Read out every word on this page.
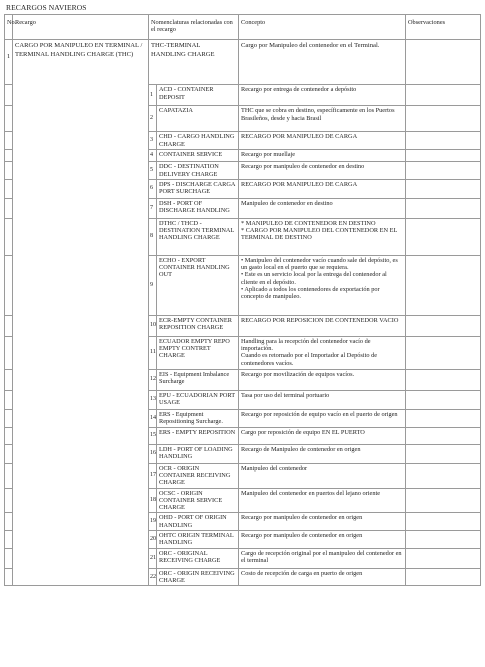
RECARGOS NAVIEROS
No.	Recargo	Nomenclaturas relacionadas con el recargo		Concepto	Observaciones
1	CARGO POR MANIPULEO EN TERMINAL / TERMINAL HANDLING CHARGE (THC)	THC-TERMINAL HANDLING CHARGE		Cargo por Manipuleo del contenedor en el Terminal.	
		1	ACD - CONTAINER DEPOSIT	Recargo por entrega de contenedor a depósito	
		2	CAPATAZIA	THC que se cobra en destino, específicamente en los Puertos Brasileños, desde y hacia Brasil	
		3	CHD - CARGO HANDLING CHARGE	RECARGO POR MANIPULEO DE CARGA	
		4	CONTAINER SERVICE	Recargo por muellaje	
		5	DDC - DESTINATION DELIVERY CHARGE	Recargo por manipuleo de contenedor en destino	
		6	DPS - DISCHARGE CARGA PORT SURCHAGE	RECARGO POR MANIPULEO DE CARGA	
		7	DSH - PORT OF DISCHARGE HANDLING	Manipuleo de contenedor en destino	
		8	DTHC / THCD - DESTINATION TERMINAL HANDLING CHARGE	* MANIPULEO DE CONTENEDOR EN DESTINO
* CARGO POR MANIPULEO DEL CONTENEDOR EN EL TERMINAL DE DESTINO	
		9	ECHO - EXPORT CONTAINER HANDLING OUT	• Manipuleo del contenedor vacío cuando sale del depósito, es un gasto local en el puerto que se requiera.
• Este es un servicio local por la entrega del contenedor al cliente en el depósito.
• Aplicado a todos los contenedores de exportación por concepto de manipuleo.	
		10	ECR-EMPTY CONTAINER REPOSITION CHARGE	RECARGO POR REPOSICION DE CONTENEDOR VACIO	
		11	ECUADOR EMPTY REPO EMPTY CONTRET CHARGE	Handling para la recepción del contenedor vacío de importación.
Cuando es retornado por el Importador al Depósito de contenedores vacíos.	
		12	EIS - Equipment Imbalance Surcharge	Recargo por movilización de equipos vacíos.	
		13	EPU - ECUADORIAN PORT USAGE	Tasa por uso del terminal portuario	
		14	ERS - Equipment Repositioning Surcharge.	Recargo por reposición de equipo vacío en el puerto de origen	
		15	ERS - EMPTY REPOSITION	Cargo por reposición de equipo EN EL PUERTO	
		16	LDH - PORT OF LOADING HANDLING	Recargo de Manipuleo de contenedor en origen	
		17	OCR - ORIGIN CONTAINER RECEIVING CHARGE	Manipuleo del contenedor	
		18	OCSC - ORIGIN CONTAINER SERVICE CHARGE	Manipuleo del contenedor en puertos del lejano oriente	
		19	OHD - PORT OF ORIGIN HANDLING	Recargo por manipuleo de contenedor en origen	
		20	OHTC ORIGIN TERMINAL HANDLING	Recargo por manipuleo de contenedor en origen	
		21	ORC - ORIGINAL RECEIVING CHARGE	Cargo de recepción original por el manipuleo del contenedor en el terminal	
		22	ORC - ORIGIN RECEIVING CHARGE	Costo de recepción de carga en puerto de origen	
